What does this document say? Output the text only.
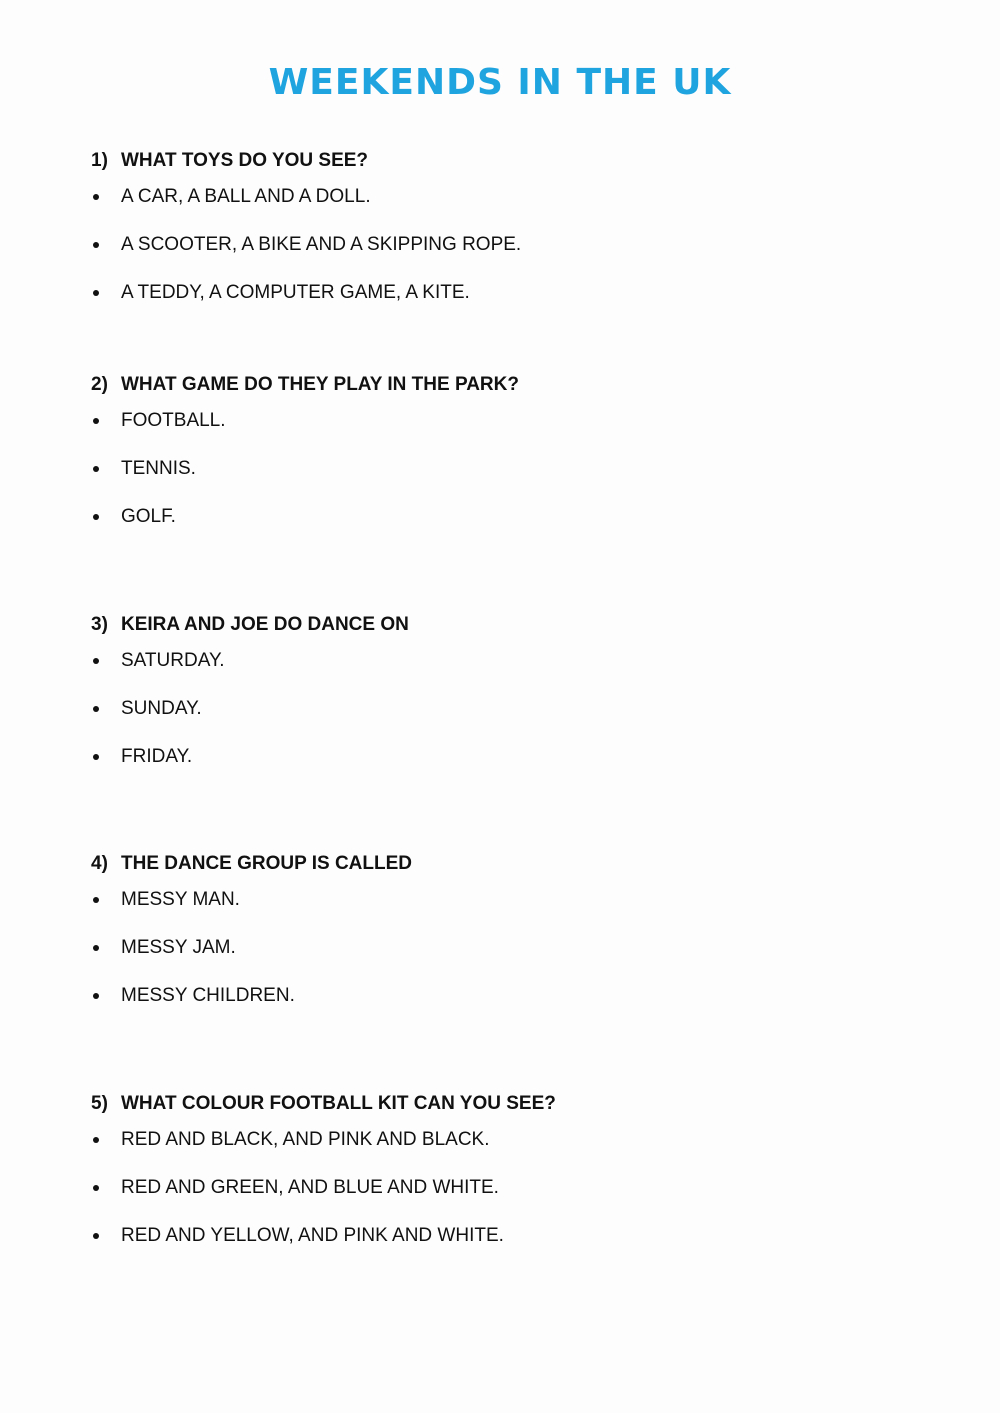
WEEKENDS IN THE UK
1) WHAT TOYS DO YOU SEE?
A CAR, A BALL AND A DOLL.
A SCOOTER, A BIKE AND A SKIPPING ROPE.
A TEDDY, A COMPUTER GAME, A KITE.
2) WHAT GAME DO THEY PLAY IN THE PARK?
FOOTBALL.
TENNIS.
GOLF.
3) KEIRA AND JOE DO DANCE ON
SATURDAY.
SUNDAY.
FRIDAY.
4) THE DANCE GROUP IS CALLED
MESSY MAN.
MESSY JAM.
MESSY CHILDREN.
5) WHAT COLOUR FOOTBALL KIT CAN YOU SEE?
RED AND BLACK, AND PINK AND BLACK.
RED AND GREEN, AND BLUE AND WHITE.
RED AND YELLOW, AND PINK AND WHITE.
